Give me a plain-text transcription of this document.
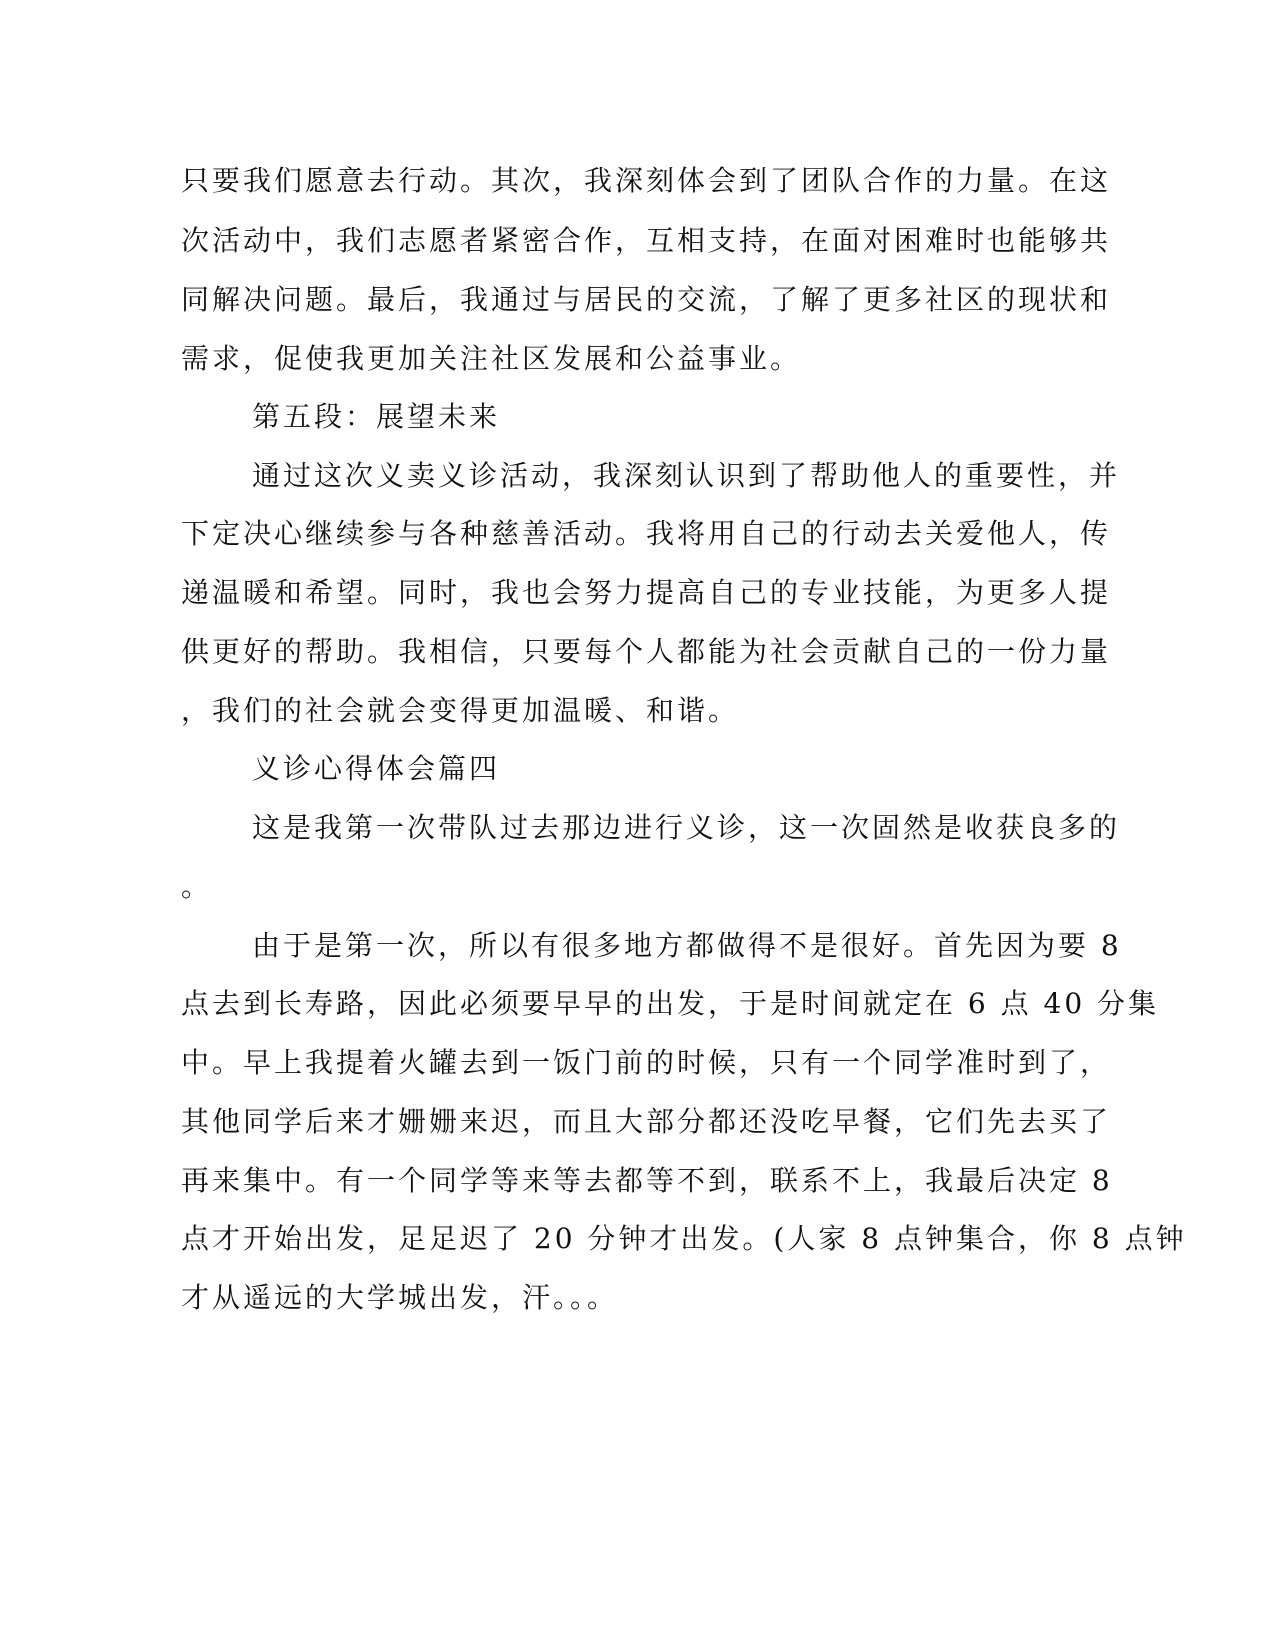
只要我们愿意去行动。其次，我深刻体会到了团队合作的力量。在这
次活动中，我们志愿者紧密合作，互相支持，在面对困难时也能够共
同解决问题。最后，我通过与居民的交流，了解了更多社区的现状和
需求，促使我更加关注社区发展和公益事业。
第五段：展望未来
通过这次义卖义诊活动，我深刻认识到了帮助他人的重要性，并
下定决心继续参与各种慈善活动。我将用自己的行动去关爱他人，传
递温暖和希望。同时，我也会努力提高自己的专业技能，为更多人提
供更好的帮助。我相信，只要每个人都能为社会贡献自己的一份力量
，我们的社会就会变得更加温暖、和谐。
义诊心得体会篇四
这是我第一次带队过去那边进行义诊，这一次固然是收获良多的
。
由于是第一次，所以有很多地方都做得不是很好。首先因为要 8
点去到长寿路，因此必须要早早的出发，于是时间就定在 6 点 40 分集
中。早上我提着火罐去到一饭门前的时候，只有一个同学准时到了，
其他同学后来才姗姗来迟，而且大部分都还没吃早餐，它们先去买了
再来集中。有一个同学等来等去都等不到，联系不上，我最后决定 8
点才开始出发，足足迟了 20 分钟才出发。(人家 8 点钟集合，你 8 点钟
才从遥远的大学城出发，汗。。。
